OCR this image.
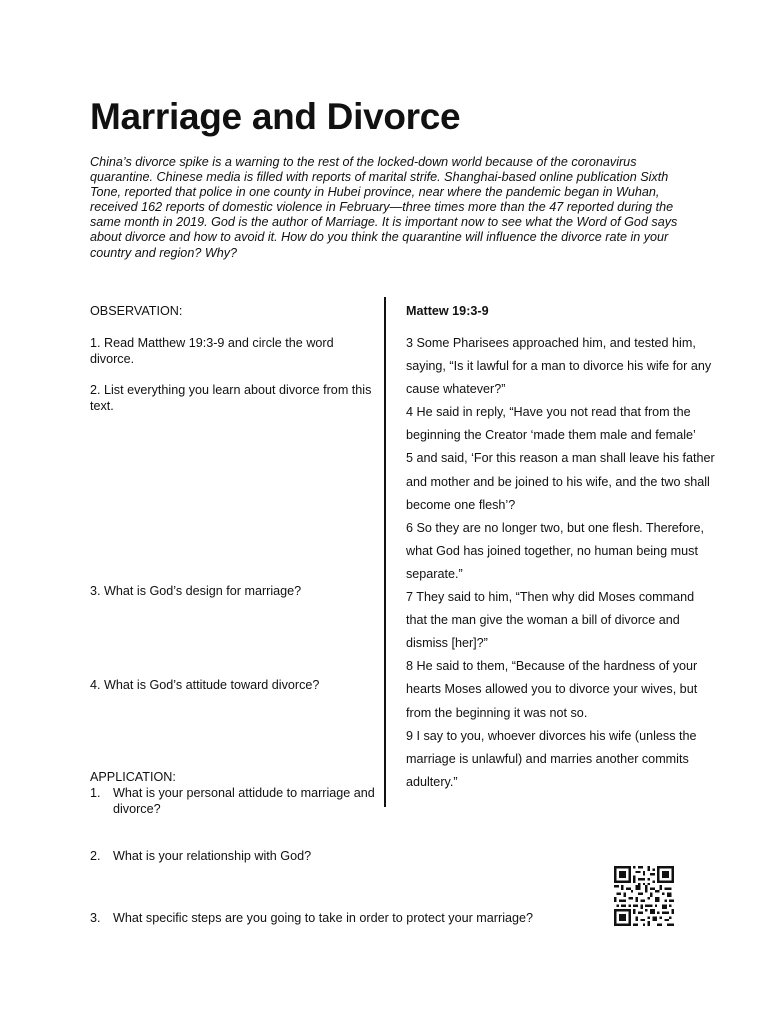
Marriage and Divorce

China’s divorce spike is a warning to the rest of the locked-down world because of the coronavirus quarantine. Chinese media is filled with reports of marital strife. Shanghai-based online publication Sixth Tone, reported that police in one county in Hubei province, near where the pandemic began in Wuhan, received 162 reports of domestic violence in February—three times more than the 47 reported during the same month in 2019. God is the author of Marriage. It is important now to see what the Word of God says about divorce and how to avoid it. How do you think the quarantine will influence the divorce rate in your country and region? Why?

OBSERVATION:

1. Read Matthew 19:3-9 and circle the word divorce.

2. List everything you learn about divorce from this text.

3. What is God’s design for marriage?

4. What is God’s attitude toward divorce?

APPLICATION:

1. What is your personal attidude to marriage and divorce?
2. What is your relationship with God?
3. What specific steps are you going to take in order to protect your marriage?

Mattew 19:3-9

3 Some Pharisees approached him, and tested him, saying, “Is it lawful for a man to divorce his wife for any cause whatever?”
4 He said in reply, “Have you not read that from the beginning the Creator ‘made them male and female’
5 and said, ‘For this reason a man shall leave his father and mother and be joined to his wife, and the two shall become one flesh’?
6 So they are no longer two, but one flesh. Therefore, what God has joined together, no human being must separate.”
7 They said to him, “Then why did Moses command that the man give the woman a bill of divorce and dismiss [her]?”
8 He said to them, “Because of the hardness of your hearts Moses allowed you to divorce your wives, but from the beginning it was not so.
9 I say to you, whoever divorces his wife (unless the marriage is unlawful) and marries another commits adultery.”
